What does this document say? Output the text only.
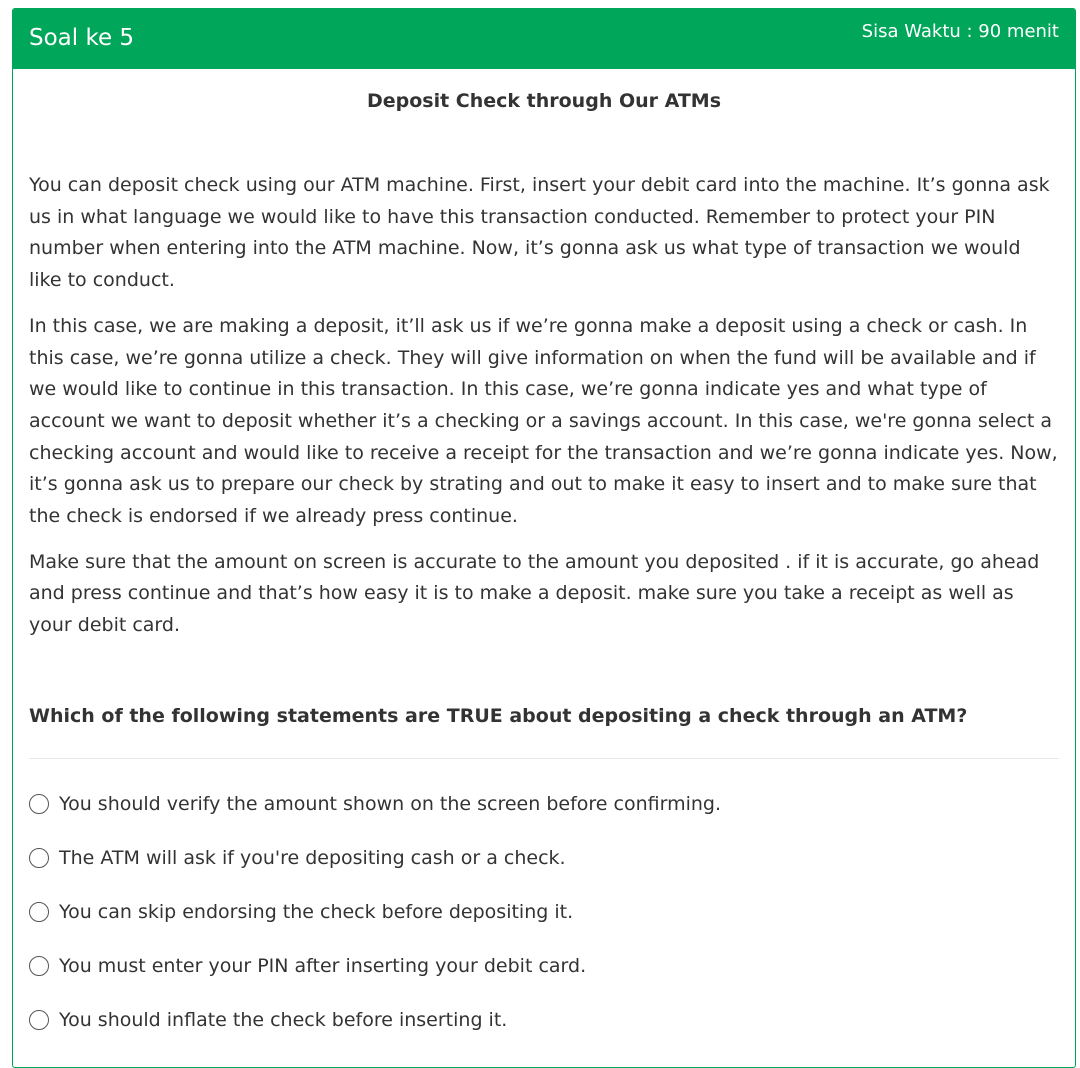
Soal ke 5	Sisa Waktu : 90 menit
Deposit Check through Our ATMs

You can deposit check using our ATM machine. First, insert your debit card into the machine. It’s gonna ask us in what language we would like to have this transaction conducted. Remember to protect your PIN number when entering into the ATM machine. Now, it’s gonna ask us what type of transaction we would like to conduct.

In this case, we are making a deposit, it’ll ask us if we’re gonna make a deposit using a check or cash. In this case, we’re gonna utilize a check. They will give information on when the fund will be available and if we would like to continue in this transaction. In this case, we’re gonna indicate yes and what type of account we want to deposit whether it’s a checking or a savings account. In this case, we're gonna select a checking account and would like to receive a receipt for the transaction and we’re gonna indicate yes. Now, it’s gonna ask us to prepare our check by strating and out to make it easy to insert and to make sure that the check is endorsed if we already press continue.

Make sure that the amount on screen is accurate to the amount you deposited . if it is accurate, go ahead and press continue and that’s how easy it is to make a deposit. make sure you take a receipt as well as your debit card.

Which of the following statements are TRUE about depositing a check through an ATM?
You should verify the amount shown on the screen before confirming.
The ATM will ask if you're depositing cash or a check.
You can skip endorsing the check before depositing it.
You must enter your PIN after inserting your debit card.
You should inflate the check before inserting it.
